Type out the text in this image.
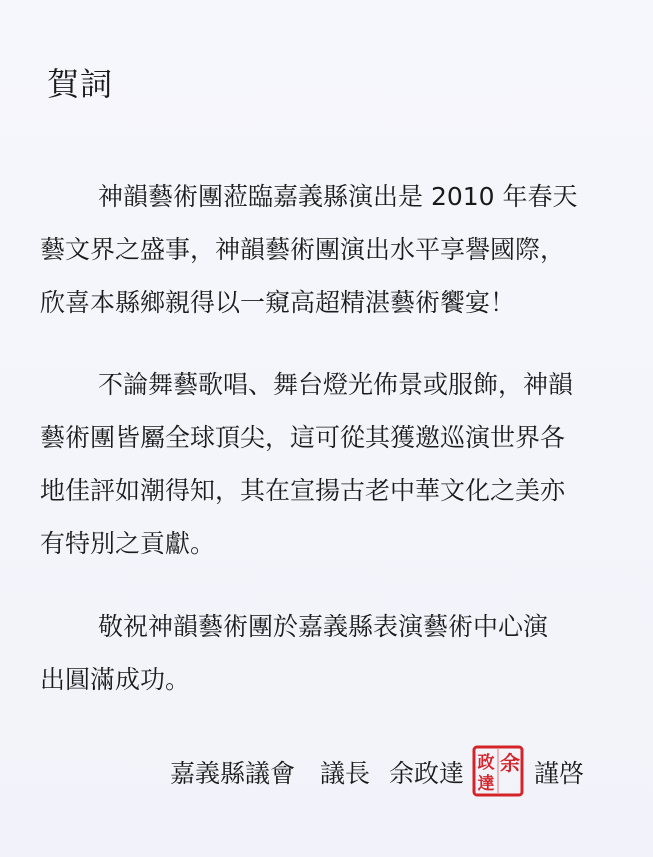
賀詞

神韻藝術團蒞臨嘉義縣演出是 2010 年春天
藝文界之盛事，神韻藝術團演出水平享譽國際，
欣喜本縣鄉親得以一窺高超精湛藝術饗宴！

不論舞藝歌唱、舞台燈光佈景或服飾，神韻
藝術團皆屬全球頂尖，這可從其獲邀巡演世界各
地佳評如潮得知，其在宣揚古老中華文化之美亦
有特別之貢獻。

敬祝神韻藝術團於嘉義縣表演藝術中心演
出圓滿成功。

嘉義縣議會 議長 余政達	謹啓
余
政
達
